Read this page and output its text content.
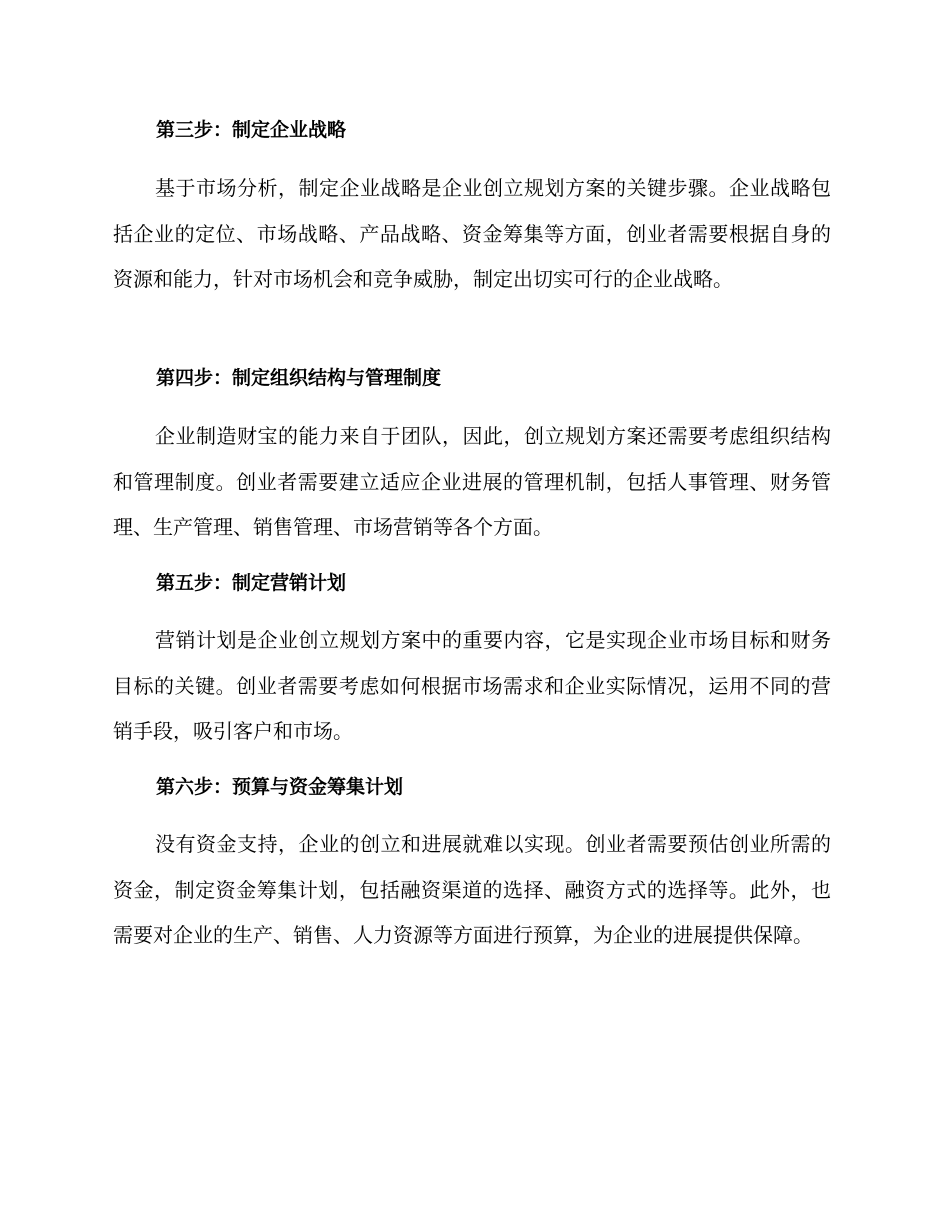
第三步：制定企业战略

基于市场分析，制定企业战略是企业创立规划方案的关键步骤。企业战略包括企业的定位、市场战略、产品战略、资金筹集等方面，创业者需要根据自身的资源和能力，针对市场机会和竞争威胁，制定出切实可行的企业战略。

第四步：制定组织结构与管理制度

企业制造财宝的能力来自于团队，因此，创立规划方案还需要考虑组织结构和管理制度。创业者需要建立适应企业进展的管理机制，包括人事管理、财务管理、生产管理、销售管理、市场营销等各个方面。

第五步：制定营销计划

营销计划是企业创立规划方案中的重要内容，它是实现企业市场目标和财务目标的关键。创业者需要考虑如何根据市场需求和企业实际情况，运用不同的营销手段，吸引客户和市场。

第六步：预算与资金筹集计划

没有资金支持，企业的创立和进展就难以实现。创业者需要预估创业所需的资金，制定资金筹集计划，包括融资渠道的选择、融资方式的选择等。此外，也需要对企业的生产、销售、人力资源等方面进行预算，为企业的进展提供保障。
